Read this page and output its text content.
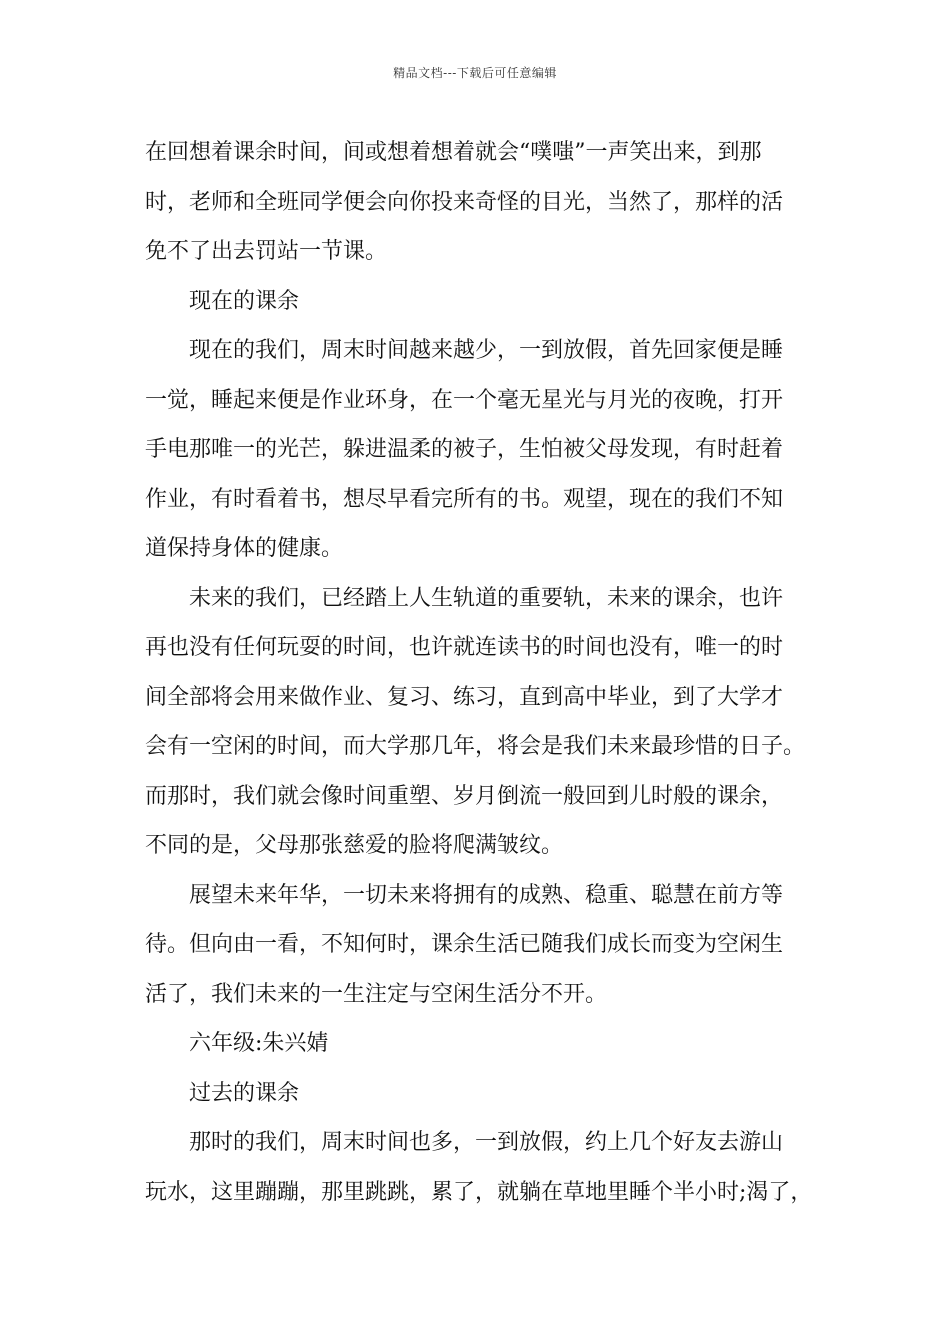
精品文档---下载后可任意编辑
在回想着课余时间，间或想着想着就会“噗嗤”一声笑出来，到那
时，老师和全班同学便会向你投来奇怪的目光，当然了，那样的活
免不了出去罚站一节课。
现在的课余
现在的我们，周末时间越来越少，一到放假，首先回家便是睡
一觉，睡起来便是作业环身，在一个毫无星光与月光的夜晚，打开
手电那唯一的光芒，躲进温柔的被子，生怕被父母发现，有时赶着
作业，有时看着书，想尽早看完所有的书。观望，现在的我们不知
道保持身体的健康。
未来的我们，已经踏上人生轨道的重要轨，未来的课余，也许
再也没有任何玩耍的时间，也许就连读书的时间也没有，唯一的时
间全部将会用来做作业、复习、练习，直到高中毕业，到了大学才
会有一空闲的时间，而大学那几年，将会是我们未来最珍惜的日子。
而那时，我们就会像时间重塑、岁月倒流一般回到儿时般的课余，
不同的是，父母那张慈爱的脸将爬满皱纹。
展望未来年华，一切未来将拥有的成熟、稳重、聪慧在前方等
待。但向由一看，不知何时，课余生活已随我们成长而变为空闲生
活了，我们未来的一生注定与空闲生活分不开。
六年级:朱兴婧
过去的课余
那时的我们，周末时间也多，一到放假，约上几个好友去游山
玩水，这里蹦蹦，那里跳跳，累了，就躺在草地里睡个半小时;渴了，
